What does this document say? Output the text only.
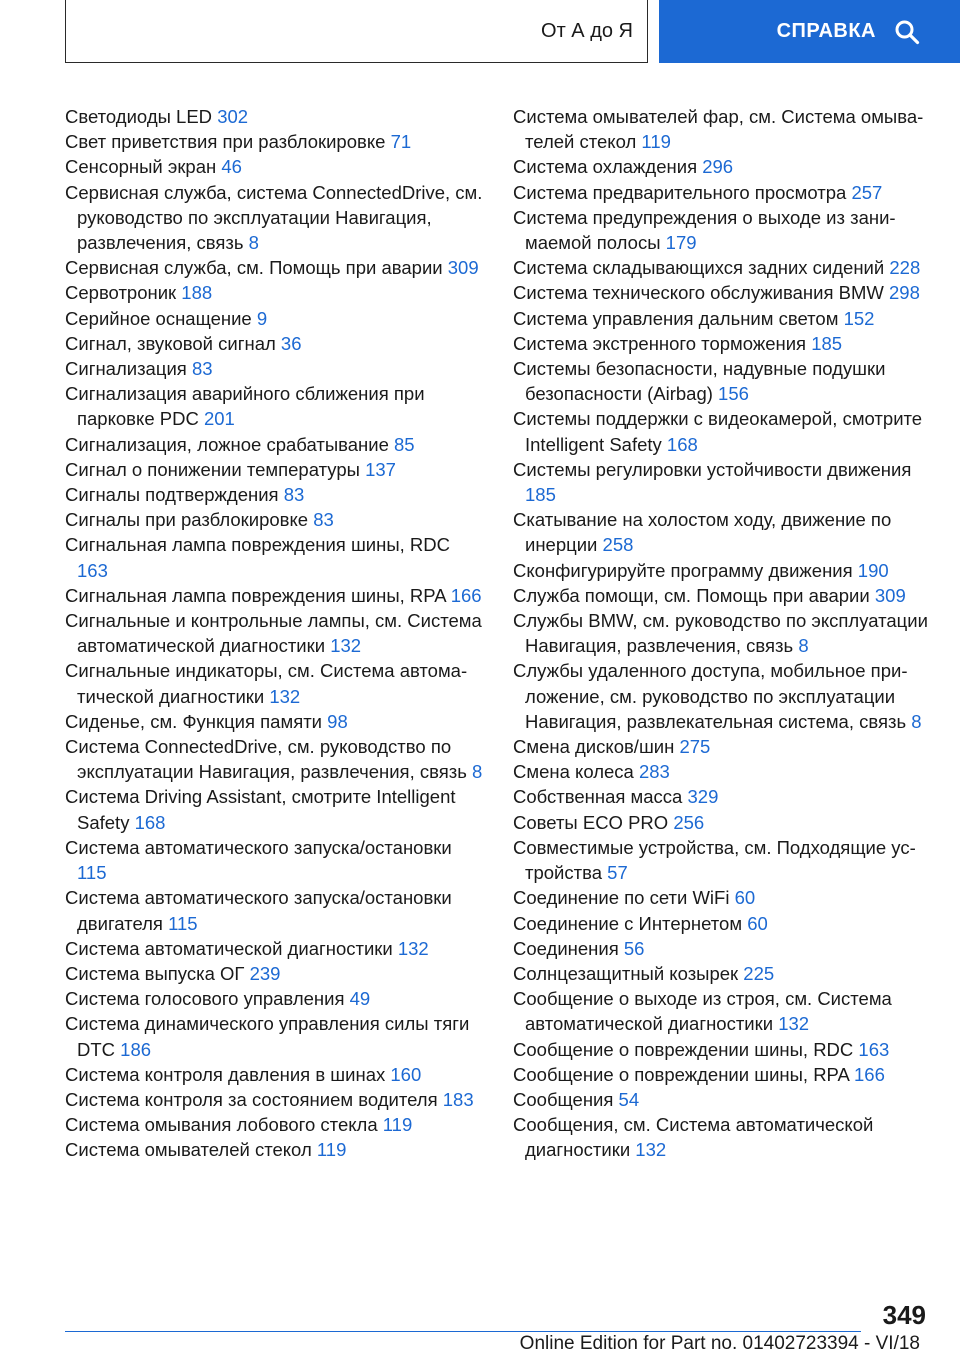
От А до Я	СПРАВКА

Светодиоды LED 302

Свет приветствия при разблокировке 71

Сенсорный экран 46

Сервисная служба, система ConnectedDrive, см. руководство по эксплуатации Навигация, развлечения, связь 8

Сервисная служба, см. Помощь при аварии 309

Сервотроник 188

Серийное оснащение 9

Сигнал, звуковой сигнал 36

Сигнализация 83

Сигнализация аварийного сближения при парковке PDC 201

Сигнализация, ложное срабатывание 85

Сигнал о понижении температуры 137

Сигналы подтверждения 83

Сигналы при разблокировке 83

Сигнальная лампа повреждения шины, RDC 163

Сигнальная лампа повреждения шины, RPA 166

Сигнальные и контрольные лампы, см. Система автоматической диагностики 132

Сигнальные индикаторы, см. Система автоматической диагностики 132

Сиденье, см. Функция памяти 98

Система ConnectedDrive, см. руководство по эксплуатации Навигация, развлечения, связь 8

Система Driving Assistant, смотрите Intelligent Safety 168

Система автоматического запуска/остановки 115

Система автоматического запуска/остановки двигателя 115

Система автоматической диагностики 132

Система выпуска ОГ 239

Система голосового управления 49

Система динамического управления силы тяги DTC 186

Система контроля давления в шинах 160

Система контроля за состоянием водителя 183

Система омывания лобового стекла 119

Система омывателей стекол 119

Система омывателей фар, см. Система омывателей стекол 119

Система охлаждения 296

Система предварительного просмотра 257

Система предупреждения о выходе из занимаемой полосы 179

Система складывающихся задних сидений 228

Система технического обслуживания BMW 298

Система управления дальним светом 152

Система экстренного торможения 185

Системы безопасности, надувные подушки безопасности (Airbag) 156

Системы поддержки с видеокамерой, смотрите Intelligent Safety 168

Системы регулировки устойчивости движения 185

Скатывание на холостом ходу, движение по инерции 258

Сконфигурируйте программу движения 190

Служба помощи, см. Помощь при аварии 309

Службы BMW, см. руководство по эксплуатации Навигация, развлечения, связь 8

Службы удаленного доступа, мобильное приложение, см. руководство по эксплуатации Навигация, развлекательная система, связь 8

Смена дисков/шин 275

Смена колеса 283

Собственная масса 329

Советы ECO PRO 256

Совместимые устройства, см. Подходящие устройства 57

Соединение по сети WiFi 60

Соединение с Интернетом 60

Соединения 56

Солнцезащитный козырек 225

Сообщение о выходе из строя, см. Система автоматической диагностики 132

Сообщение о повреждении шины, RDC 163

Сообщение о повреждении шины, RPA 166

Сообщения 54

Сообщения, см. Система автоматической диагностики 132

349
Online Edition for Part no. 01402723394 - VI/18
